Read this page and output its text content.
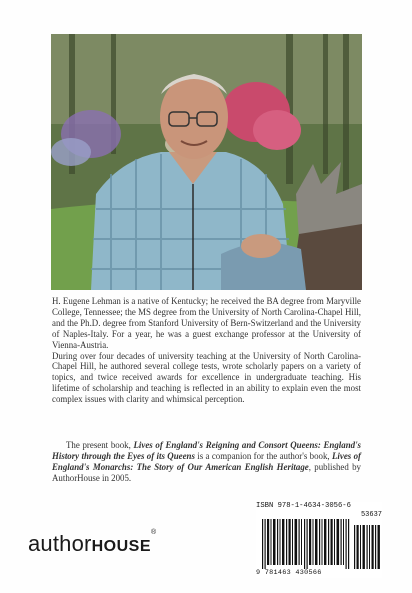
H. Eugene Lehman is a native of Kentucky; he received the BA degree from Maryville College, Tennessee; the MS degree from the University of North Carolina-Chapel Hill, and the Ph.D. degree from Stanford University of Bern-Switzerland and the University of Naples-Italy. For a year, he was a guest exchange professor at the University of Vienna-Austria.

During over four decades of university teaching at the University of North Carolina-Chapel Hill, he authored several college tests, wrote scholarly papers on a variety of topics, and twice received awards for excellence in undergraduate teaching. His lifetime of scholarship and teaching is reflected in an ability to explain even the most complex issues with clarity and whimsical perception.

The present book, Lives of England's Reigning and Consort Queens: England's History through the Eyes of its Queens is a companion for the author's book, Lives of England's Monarchs: The Story of Our American English Heritage, published by AuthorHouse in 2005.

authorHOUSE®
ISBN 978-1-4634-3056-6
53637
9 781463 430566
